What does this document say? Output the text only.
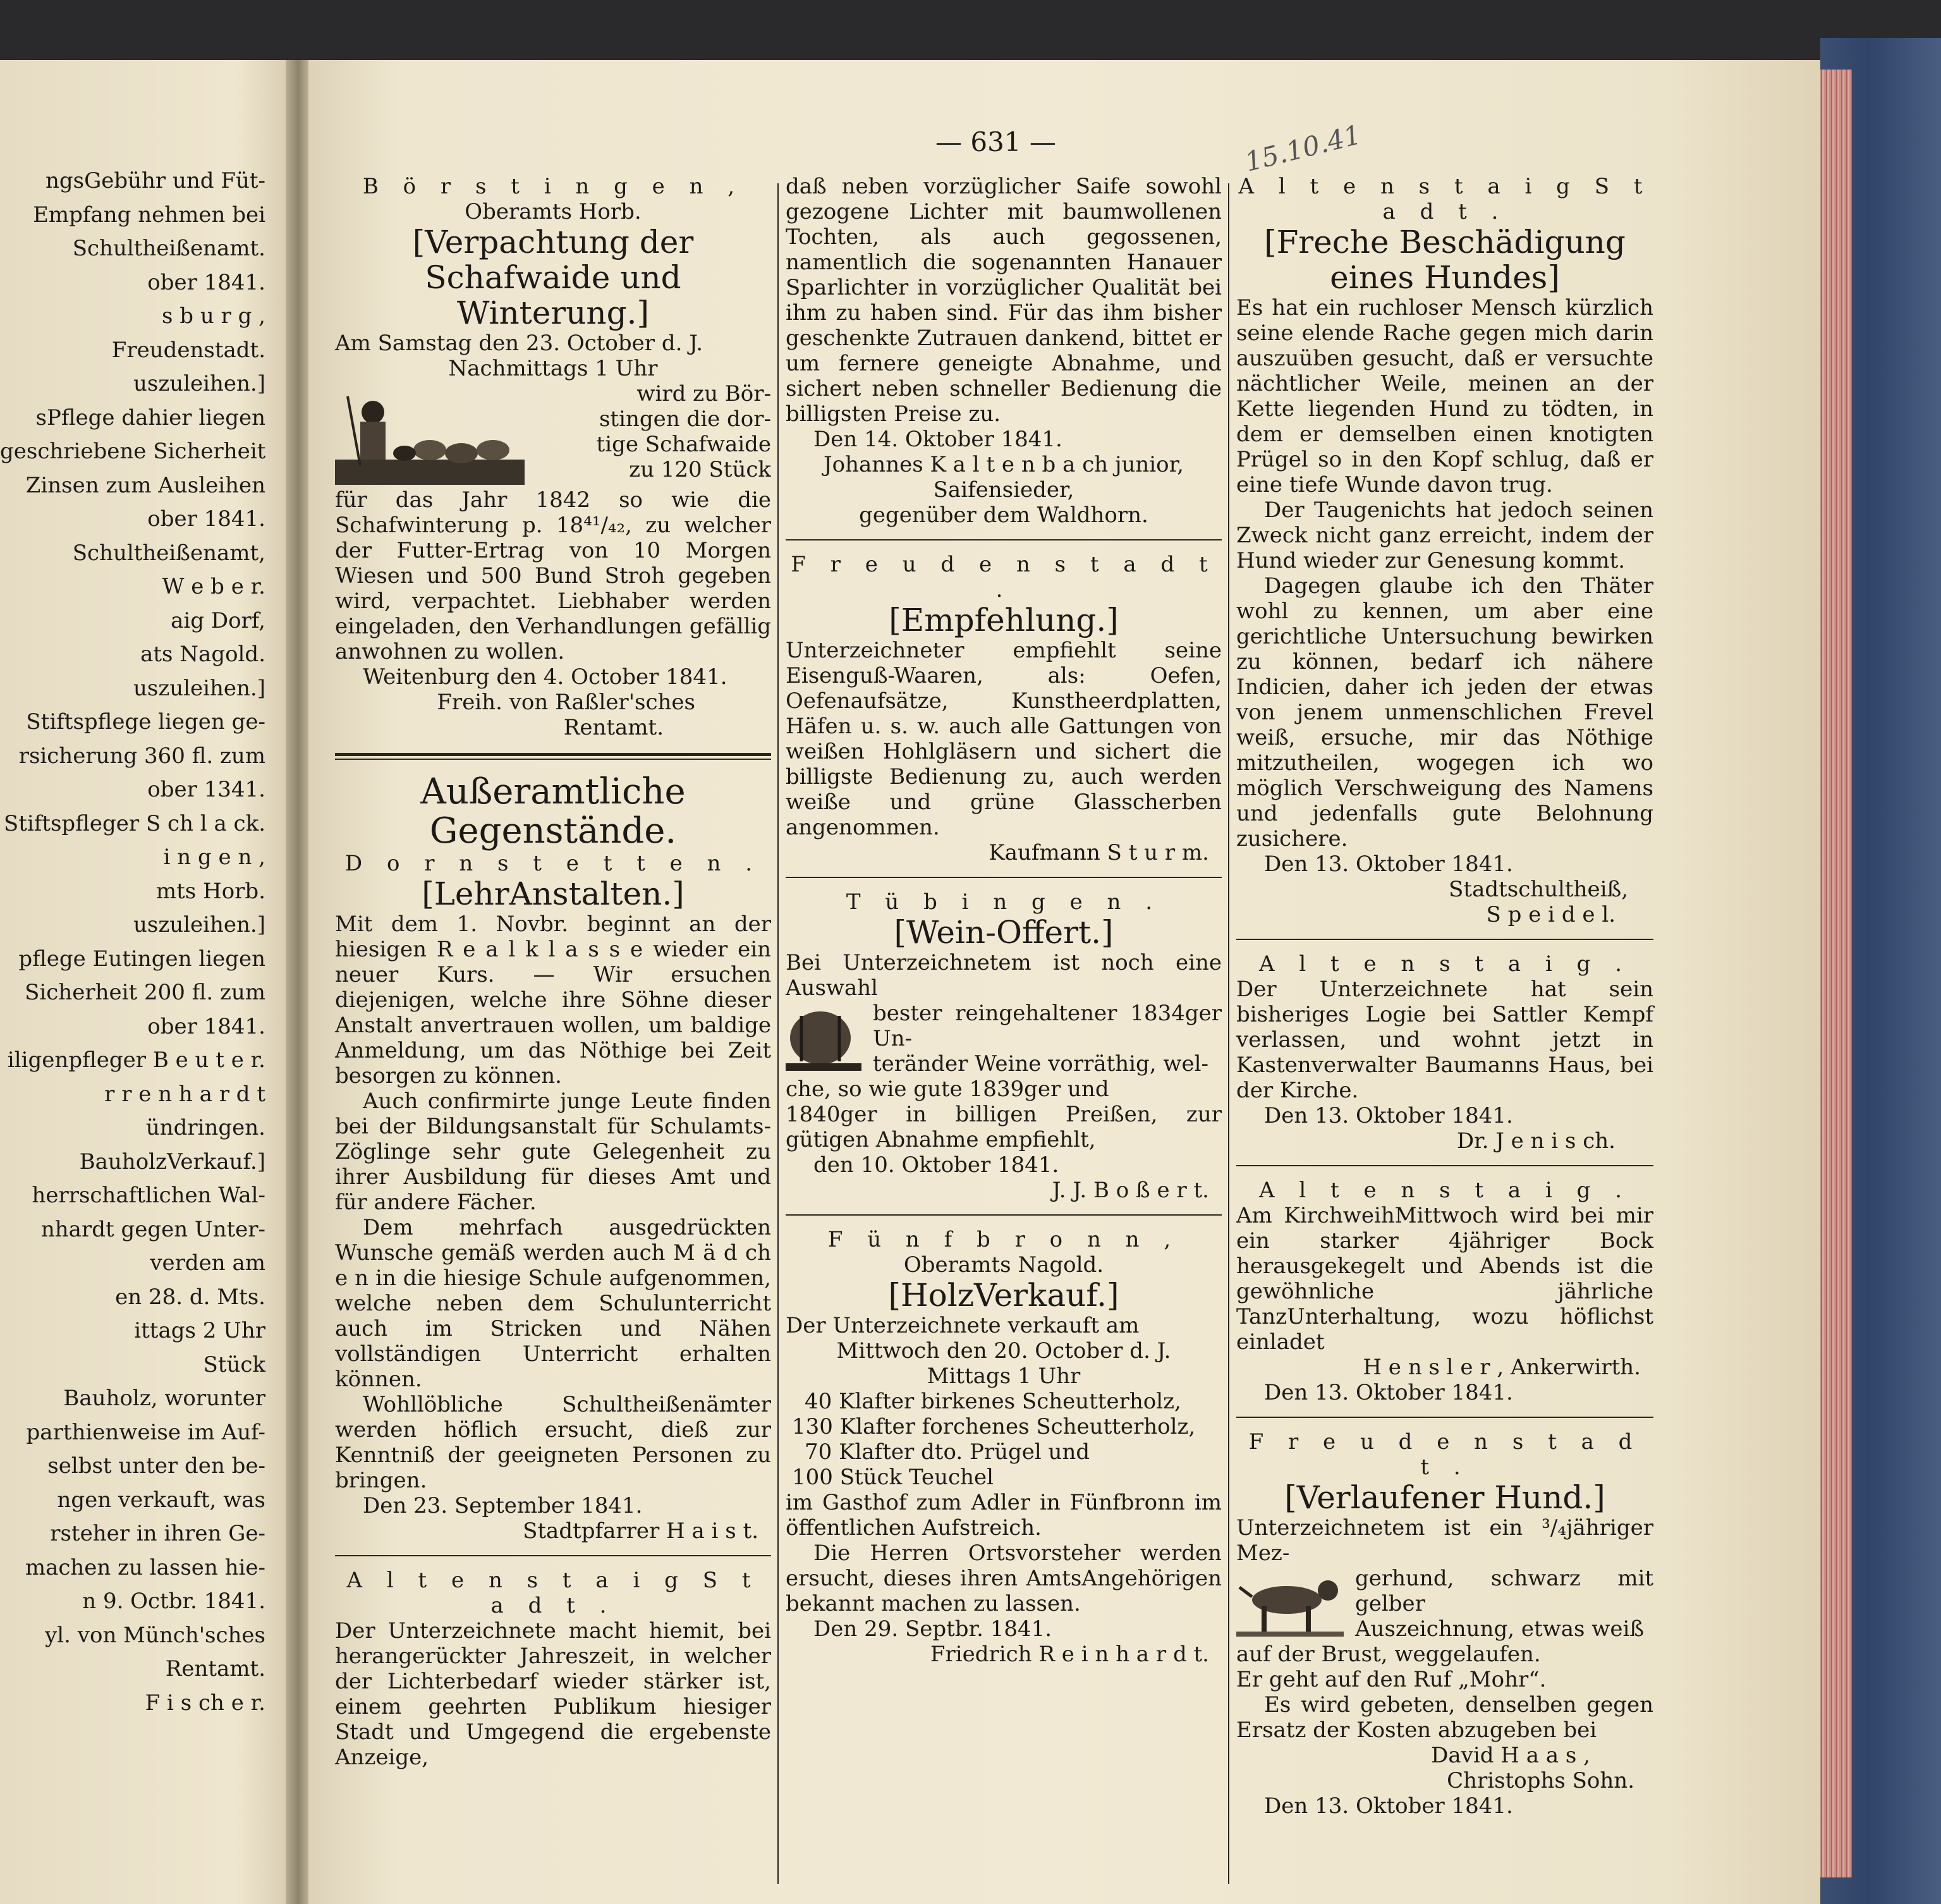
ngsGebühr und Füt-
Empfang nehmen bei
Schultheißenamt.
ober 1841.
s b u r g ,
Freudenstadt.
uszuleihen.]
sPflege dahier liegen
geschriebene Sicherheit
Zinsen zum Ausleihen
ober 1841.
Schultheißenamt,
W e b e r.
aig Dorf,
ats Nagold.
uszuleihen.]
Stiftspflege liegen ge-
rsicherung 360 fl. zum
ober 1341.
Stiftspfleger S ch l a ck.
i n g e n ,
mts Horb.
uszuleihen.]
pflege Eutingen liegen
Sicherheit 200 fl. zum
ober 1841.
iligenpfleger B e u t e r.
r r e n h a r d t
ündringen.
BauholzVerkauf.]
herrschaftlichen Wal-
nhardt gegen Unter-
verden am
en 28. d. Mts.
ittags 2 Uhr
Stück
Bauholz, worunter
parthienweise im Auf-
selbst unter den be-
ngen verkauft, was
rsteher in ihren Ge-
machen zu lassen hie-
n 9. Octbr. 1841.
yl. von Münch'sches
Rentamt.
F i s ch e r.
— 631 —	15.10.41
B ö r s t i n g e n ,
Oberamts Horb.
[Verpachtung der Schafwaide und Winterung.]
Am Samstag den 23. October d. J.
Nachmittags 1 Uhr
wird zu Bör-
stingen die dor-
tige Schafwaide
zu 120 Stück
für das Jahr 1842 so wie die Schafwinterung p. 18⁴¹/₄₂, zu welcher der Futter-Ertrag von 10 Morgen Wiesen und 500 Bund Stroh gegeben wird, verpachtet. Liebhaber werden eingeladen, den Verhandlungen gefällig anwohnen zu wollen.
Weitenburg den 4. October 1841.
Freih. von Raßler'sches
Rentamt.
Außeramtliche Gegenstände.
D o r n s t e t t e n .
[LehrAnstalten.]
Mit dem 1. Novbr. beginnt an der hiesigen R e a l k l a s s e wieder ein neuer Kurs. — Wir ersuchen diejenigen, welche ihre Söhne dieser Anstalt anvertrauen wollen, um baldige Anmeldung, um das Nöthige bei Zeit besorgen zu können.
Auch confirmirte junge Leute finden bei der Bildungsanstalt für Schulamts-Zöglinge sehr gute Gelegenheit zu ihrer Ausbildung für dieses Amt und für andere Fächer.
Dem mehrfach ausgedrückten Wunsche gemäß werden auch M ä d ch e n in die hiesige Schule aufgenommen, welche neben dem Schulunterricht auch im Stricken und Nähen vollständigen Unterricht erhalten können.
Wohllöbliche Schultheißenämter werden höflich ersucht, dieß zur Kenntniß der geeigneten Personen zu bringen.
Den 23. September 1841.
Stadtpfarrer H a i s t.
A l t e n s t a i g S t a d t .
Der Unterzeichnete macht hiemit, bei herangerückter Jahreszeit, in welcher der Lichterbedarf wieder stärker ist, einem geehrten Publikum hiesiger Stadt und Umgegend die ergebenste Anzeige,
daß neben vorzüglicher Saife sowohl gezogene Lichter mit baumwollenen Tochten, als auch gegossenen, namentlich die sogenannten Hanauer Sparlichter in vorzüglicher Qualität bei ihm zu haben sind. Für das ihm bisher geschenkte Zutrauen dankend, bittet er um fernere geneigte Abnahme, und sichert neben schneller Bedienung die billigsten Preise zu.
Den 14. Oktober 1841.
Johannes K a l t e n b a ch junior,
Saifensieder,
gegenüber dem Waldhorn.
F r e u d e n s t a d t .
[Empfehlung.]
Unterzeichneter empfiehlt seine Eisenguß-Waaren, als: Oefen, Oefenaufsätze, Kunstheerdplatten, Häfen u. s. w. auch alle Gattungen von weißen Hohlgläsern und sichert die billigste Bedienung zu, auch werden weiße und grüne Glasscherben angenommen.
Kaufmann S t u r m.
T ü b i n g e n .
[Wein-Offert.]
Bei Unterzeichnetem ist noch eine Auswahl
bester reingehaltener 1834ger Un-
teränder Weine vorräthig, wel-
che, so wie gute 1839ger und
1840ger in billigen Preißen, zur gütigen Abnahme empfiehlt,
den 10. Oktober 1841.
J. J. B o ß e r t.
F ü n f b r o n n ,
Oberamts Nagold.
[HolzVerkauf.]
Der Unterzeichnete verkauft am
Mittwoch den 20. October d. J.
Mittags 1 Uhr
40 Klafter birkenes Scheutterholz,
130 Klafter forchenes Scheutterholz,
70 Klafter dto. Prügel und
100 Stück Teuchel
im Gasthof zum Adler in Fünfbronn im öffentlichen Aufstreich.
Die Herren Ortsvorsteher werden ersucht, dieses ihren AmtsAngehörigen bekannt machen zu lassen.
Den 29. Septbr. 1841.
Friedrich R e i n h a r d t.
A l t e n s t a i g S t a d t .
[Freche Beschädigung eines Hundes]
Es hat ein ruchloser Mensch kürzlich seine elende Rache gegen mich darin auszuüben gesucht, daß er versuchte nächtlicher Weile, meinen an der Kette liegenden Hund zu tödten, in dem er demselben einen knotigten Prügel so in den Kopf schlug, daß er eine tiefe Wunde davon trug.
Der Taugenichts hat jedoch seinen Zweck nicht ganz erreicht, indem der Hund wieder zur Genesung kommt.
Dagegen glaube ich den Thäter wohl zu kennen, um aber eine gerichtliche Untersuchung bewirken zu können, bedarf ich nähere Indicien, daher ich jeden der etwas von jenem unmenschlichen Frevel weiß, ersuche, mir das Nöthige mitzutheilen, wogegen ich wo möglich Verschweigung des Namens und jedenfalls gute Belohnung zusichere.
Den 13. Oktober 1841.
Stadtschultheiß,
S p e i d e l.
A l t e n s t a i g .
Der Unterzeichnete hat sein bisheriges Logie bei Sattler Kempf verlassen, und wohnt jetzt in Kastenverwalter Baumanns Haus, bei der Kirche.
Den 13. Oktober 1841.
Dr. J e n i s ch.
A l t e n s t a i g .
Am KirchweihMittwoch wird bei mir ein starker 4jähriger Bock herausgekegelt und Abends ist die gewöhnliche jährliche TanzUnterhaltung, wozu höflichst einladet
H e n s l e r , Ankerwirth.
Den 13. Oktober 1841.
F r e u d e n s t a d t .
[Verlaufener Hund.]
Unterzeichnetem ist ein ³/₄jähriger Mez-
gerhund, schwarz mit gelber
Auszeichnung, etwas weiß
auf der Brust, weggelaufen.
Er geht auf den Ruf „Mohr“.
Es wird gebeten, denselben gegen Ersatz der Kosten abzugeben bei
David H a a s ,
Christophs Sohn.
Den 13. Oktober 1841.
